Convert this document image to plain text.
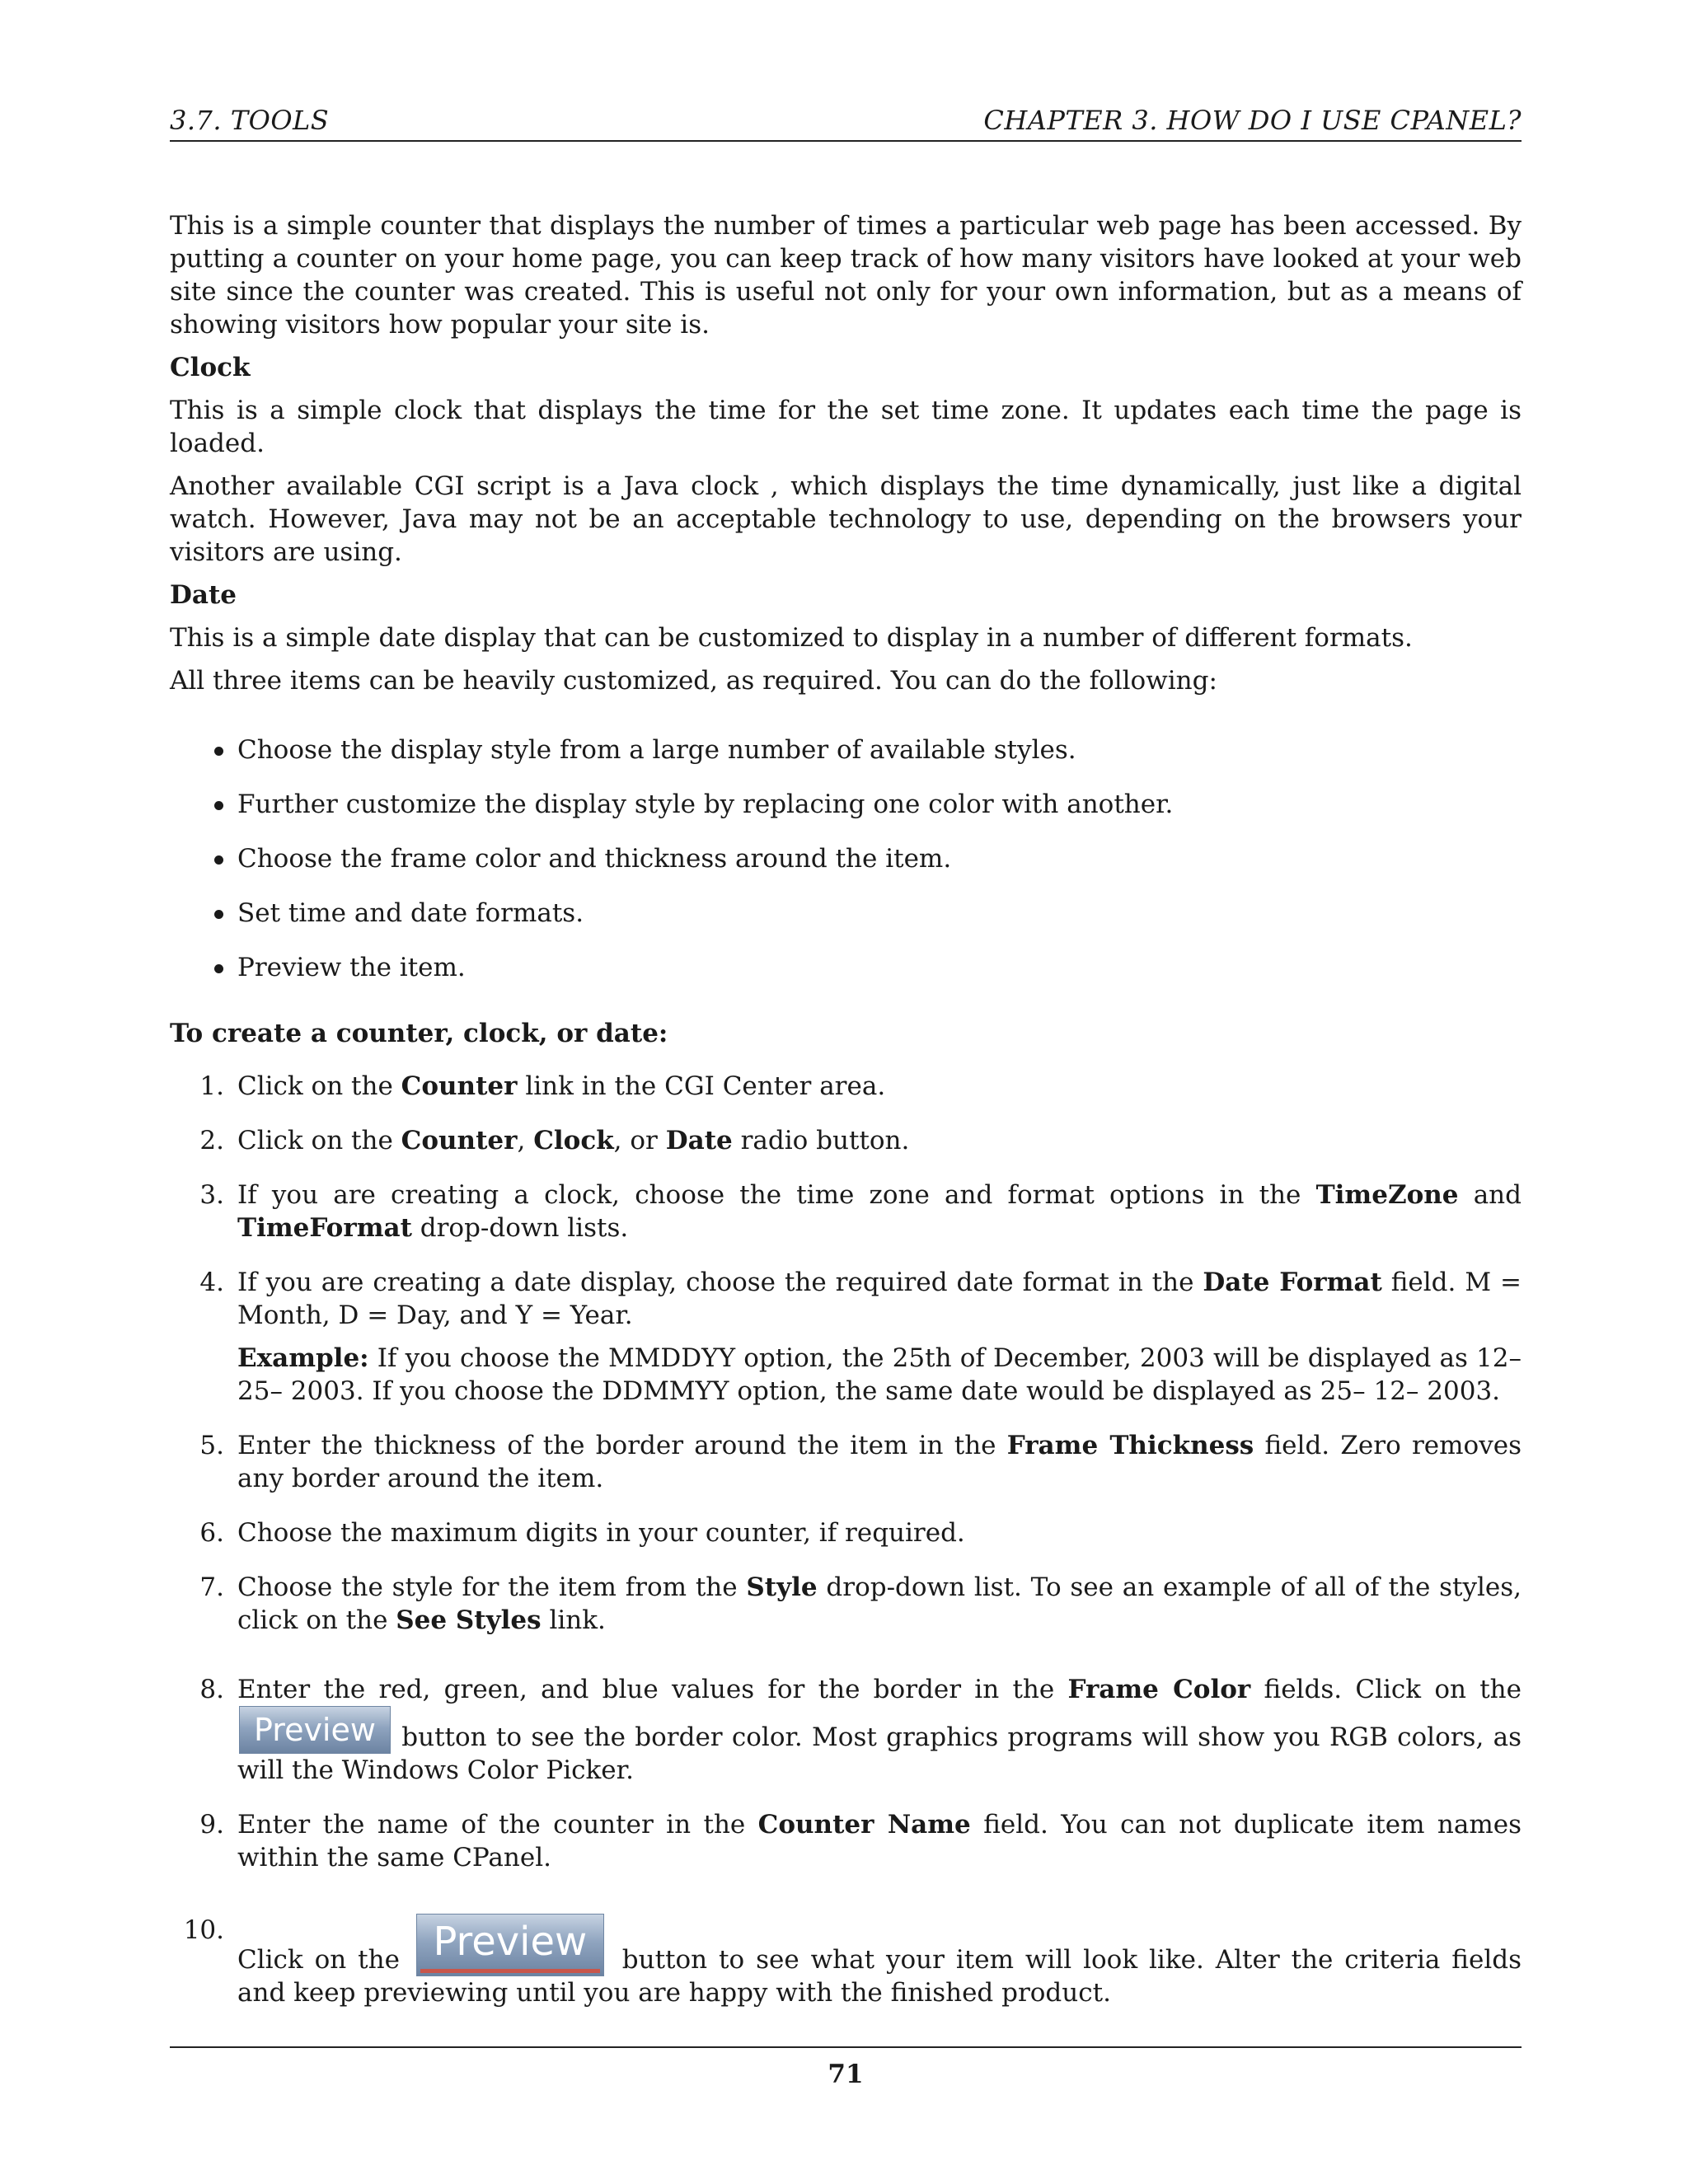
3.7. TOOLS	CHAPTER 3. HOW DO I USE CPANEL?

This is a simple counter that displays the number of times a particular web page has been accessed. By putting a counter on your home page, you can keep track of how many visitors have looked at your web site since the counter was created. This is useful not only for your own information, but as a means of showing visitors how popular your site is.

Clock

This is a simple clock that displays the time for the set time zone. It updates each time the page is loaded.

Another available CGI script is a Java clock , which displays the time dynamically, just like a digital watch. However, Java may not be an acceptable technology to use, depending on the browsers your visitors are using.

Date

This is a simple date display that can be customized to display in a number of different formats.

All three items can be heavily customized, as required. You can do the following:

Choose the display style from a large number of available styles.
Further customize the display style by replacing one color with another.
Choose the frame color and thickness around the item.
Set time and date formats.
Preview the item.
To create a counter, clock, or date:
1. Click on the Counter link in the CGI Center area.
2. Click on the Counter, Clock, or Date radio button.
3. If you are creating a clock, choose the time zone and format options in the TimeZone and TimeFormat drop-down lists.
4. If you are creating a date display, choose the required date format in the Date Format field. M = Month, D = Day, and Y = Year.
Example: If you choose the MMDDYY option, the 25th of December, 2003 will be displayed as 12– 25– 2003. If you choose the DDMMYY option, the same date would be displayed as 25– 12– 2003.
5. Enter the thickness of the border around the item in the Frame Thickness field. Zero removes any border around the item.
6. Choose the maximum digits in your counter, if required.
7. Choose the style for the item from the Style drop-down list. To see an example of all of the styles, click on the See Styles link.
8. Enter the red, green, and blue values for the border in the Frame Color fields. Click on the Preview button to see the border color. Most graphics programs will show you RGB colors, as will the Windows Color Picker.
9. Enter the name of the counter in the Counter Name field. You can not duplicate item names within the same CPanel.
10.
Click on the Preview button to see what your item will look like. Alter the criteria fields and keep previewing until you are happy with the finished product.
71
